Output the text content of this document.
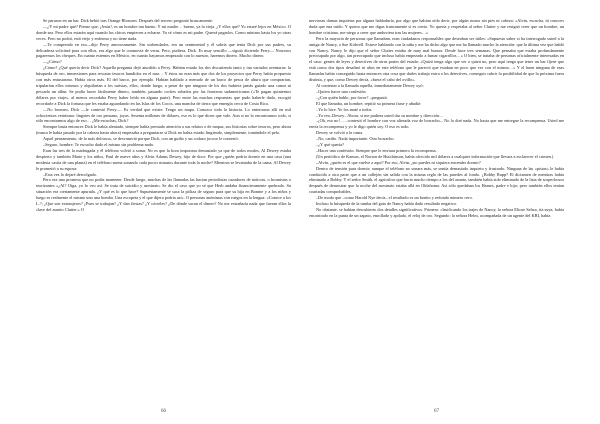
Se pararon en un bar. Dick bebió tras Orange Blossom. Después del tercero preguntó bruscamente:

—¿Y mi padre qué? Piense que, ¡Jesús!, es un hombre tan bueno. Y mi madre… bueno, ya la vieja. ¿Y ellos qué? Yo estaré lejos en México. O donde sea. Pero ellos estarán aquí cuando los chicos empiecen a echarse. Ya sé cómo es mi padre. Querrá pagarlos. Como mínimo hasta los yo otras veces. Pero no podrá, está viejo y enfermo y no tiene nada.

—Te comprendo en eso—dijo Perry amorosamente. Sin sorbendados, era un sentimental y él sabría que tenía Dick por sus padres, su delicadeza solicitud para con ellos, era algo que le conmovía de veras. Pero, pudiera, Dick. Es muy sencillo —siguió diciendo Perry— Nosotros pagaremos los cheques. En cuanto estemos en México, en cuanto hayamos empezado con lo nuestro, haremos dinero. Mucho dinero.

—¿Cómo?

¿Cómo? ¿Qué quería decir Dick? Aquella pregunta dejó aturdido a Perry. Habían estado los dos discutiendo tanto y tan variados aventuras: la búsqueda de oro, inmersiones para rescatar tesoros hundidos en el mar… Y éstos no eran más que dos de los proyectos que Perry había propuesto con más entusiasmo. Había otros más. El del barco, por ejemplo. Habían hablado a menudo de un barco de pesca de altura que comprarían, tripularían ellos mismos y alquilarían a los turistas, ellos, donde luego, a pesar de que ninguno de los dos hubiera jamás guiado una canoa ni pescado un albur. Se podía hacer fácilmente dinero, también, pasando coches robados por las fronteras sudamericanas («Te pagan quinientos dólares por viaje», al menos recordaba Perry haber leído en alguna parte). Pero entre las muchas respuestas que pudo haberle dado, escogió recordarle a Dick la fortuna que les estaba aguardando en las Islas de los Cocos, una mancha de tierra que emergía cerca de Costa Rica.

—No bromeo, Dick —le contestó Perry—. Es verdad que existe. Tengo un mapa. Conozco toda la historia. Lo enterraron allí en mil ochocientos veintiuno: lingotes de oro peruano, joyas. Sesenta millones de dólares, eso es lo que dicen que vale. Aun si no lo encontramos todo, si sólo encontramos algo de eso… ¿Me escuchas, Dick?

Siempre hasta entonces Dick le había alentado, siempre había prestado atención a sus relatos o de mapas, sus historias sobre tesoros, pero ahora (nunca le había pasado por la cabeza hasta ahora) empezaba a preguntarse si Dick no había estado fingiendo, simplemente, tomándole el pelo.

Aquel pensamiento, de lo más doloroso, se desvaneció porque Dick, con un guiño y un codazo jocoso le contestó:

–Seguro, hombre. Te escucho dado el mismo sin problema nada.

Eran las tres de la madrugada y él teléfono volvió a sonar. No es que la hora importara demasiado ya que de todos modos, Al Dewey estaba despierto y también Marie y los niños, Paul de nueve años y Alvin Adams Dewey, hijo de doce. Por que ¿quién podría dormir en una casa (una modesta casita de una planta) en el teléfono suena sonando cada pocos minutos durante toda la noche? Mientras se levantaba de la cama, Al Dewey le prometió a su esposa:

–Esta vez lo dejaré descolgado.

Pero era una promesa que no podía mantener. Desde luego, muchas de las llamadas las hacían periodistas cazadores de noticias, o bromistas o teorizantes «¿Al? Oiga, yo lo veo así. Se trata de suicidio y asesinato. Se dio el caso que yo sé que Herb andaba financieramente quebrado. Su situación era ciertamente apurada. ¿Y qué es lo que hace? Supuestamente se saca la póliza de seguro para que su hija en Bonnie y a los niños y luego es realmente el mismo uno una bomba. Una escopeta y el que dijera podría así». O personas anónimas con ruegos en la lengua: «Conoce a los L.?; ¿Que son extranjeros? ¿Pues se trabajan? ¿Y dan fiestas? ¿Y cócteles? ¿De dónde sacan el dinero? No me extrañaría nada que fueran ellos la clave del asunto Clutter.» O

66

nerviosas damas inquietas por alguna habladuría, por algo que habían oído decir, por algún rumor sin pies ni cabeza: «Alvin, escucha, tú conoces duda que ena ruido. Y quiero que me digas francamente si es cierto. Yo quería y respetaba al señor Clutter y me resignó creer que un hombre, un hombre cristiano, me niego a creer que anduviera tras las mujeres…»

Pero la mayoría de personas que llamaban, eran ciudadanos responsables que deseaban ser útiles: «Supuesto saber si ha interrogado usted a la amiga de Nancy, a Sue Kidwell. Estuve hablando con la niña y me ha dicho algo que me ha llamado mucho la atención: que la última vez que habló con Nancy, Nancy le dijo que el señor Clutter estaba de muy mal humor. Desde hace tres semanas. Que pensaba que estaba profundamente preocupado por algo, tan preocupado que incluso había empezado a fumar cigarrillos…» O bien, se trataba de personas oficialmente interesadas en el caso: gentes de leyes y detectives de otras partes del estado: «Quizá tenga algo que ver o quizá no, pero aquí tenga que tener un bar fíjese que está como dos tipos desafinó ni años en este teléfono que le pareció que estaban en poco que ver con el mismo…» Y el buen ninguna de esas llamadas había conseguido hasta entonces otra cosa que darles trabajo extra a los detectives, conseguir cubrir la posibilidad de que la próxima fuera distinta, y que, como Dewey decía, «fuera el cabo del ovillo».

Al contestar a la llamada aquella, inmediatamente Dewey oyó:

–Quiero hacer una confesión.

–¿Con quién hablo, por favor? –preguntó.

El que llamaba, un hombre, repitió su primera frase y añadió:

–Yo lo hice. Yo los maté a todos.

–Ya veo–Dewey– Ahora, si me pudiera usted dar su nombre y dirección…

–¡Oh, eso no!… –contestó el hombre con voz alterada voz de borracho–. No lo diré nada. No hasta que me entregue la recompensa. Usted me envía la recompensa y yo le digo quién soy. O eso es todo.

Dewey se volvió a la cama.

–No, cariño. Nada importante. Otro borracho.

–¿Y qué quería?

–Hacer una confesión. Siempre que le enviara primero la recompensa.

(Un periódico de Kansas, el Norton de Hutchinson, había ofrecido mil dólares a cualquier información que llevara a esclarecer el crimen.)

–Alvin, ¿quién es el que vuelve a aquí? Por eso, Alvin, ¿no puedes ni siquiera encender dormir?

Dentro de tensión para dormir; aunque el teléfono no sonara más, se sentía demasiado inquieto y frustrado. Ninguna de las «pistas» le había conducido a otra parte que a un callejón sin salida con la misma regla de las paredes al fondo. ¿Bobby Rupp? El dictamen de mentiras había eliminado a Bobby. Y el señor Smith, el agricultor que hacía mucho tiempo a los del asunto, también había sido eliminado de la lista de sospechosos después de demostrar que la noche del asesinato estaba allá en Oklahoma. Así sólo quedaban los Hames, padre e hijo; pero también ellos tenían coartadas comprobables.

–De modo que –como Harold Nye decía– el resultado es un bonito y redondo número cero.

Incluso la búsqueda de la tumba del gato de Nancy había dado resultado negativo.

No obstante, se habían descubierto dos detalles significativos. Primero: clasificando los trajes de Nancy, la señora Eliose Selsor, tía suya, había encontrado en la punta de un zapato, enrollado y apilado, el reloj de oro. Segundo: la señora Helm, acompañada de un agente del KBI, había

67
